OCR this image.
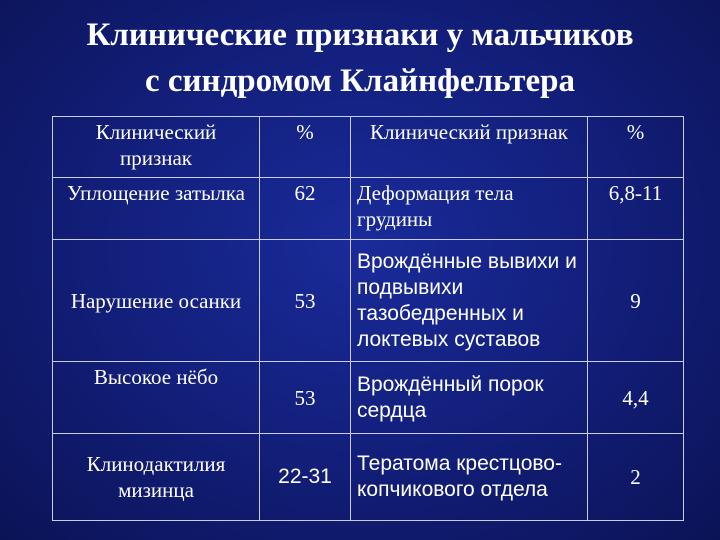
Клинические признаки у мальчиков
с синдромом Клайнфельтера
Клинический признак	%	Клинический признак	%
Уплощение затылка	62	Деформация тела грудины	6,8-11
Нарушение осанки	53	Врождённые вывихи и подвывихи тазобедренных и локтевых суставов	9
Высокое нёбо	53	Врождённый порок сердца	4,4
Клинодактилия мизинца	22-31	Тератома крестцово-копчикового отдела	2
